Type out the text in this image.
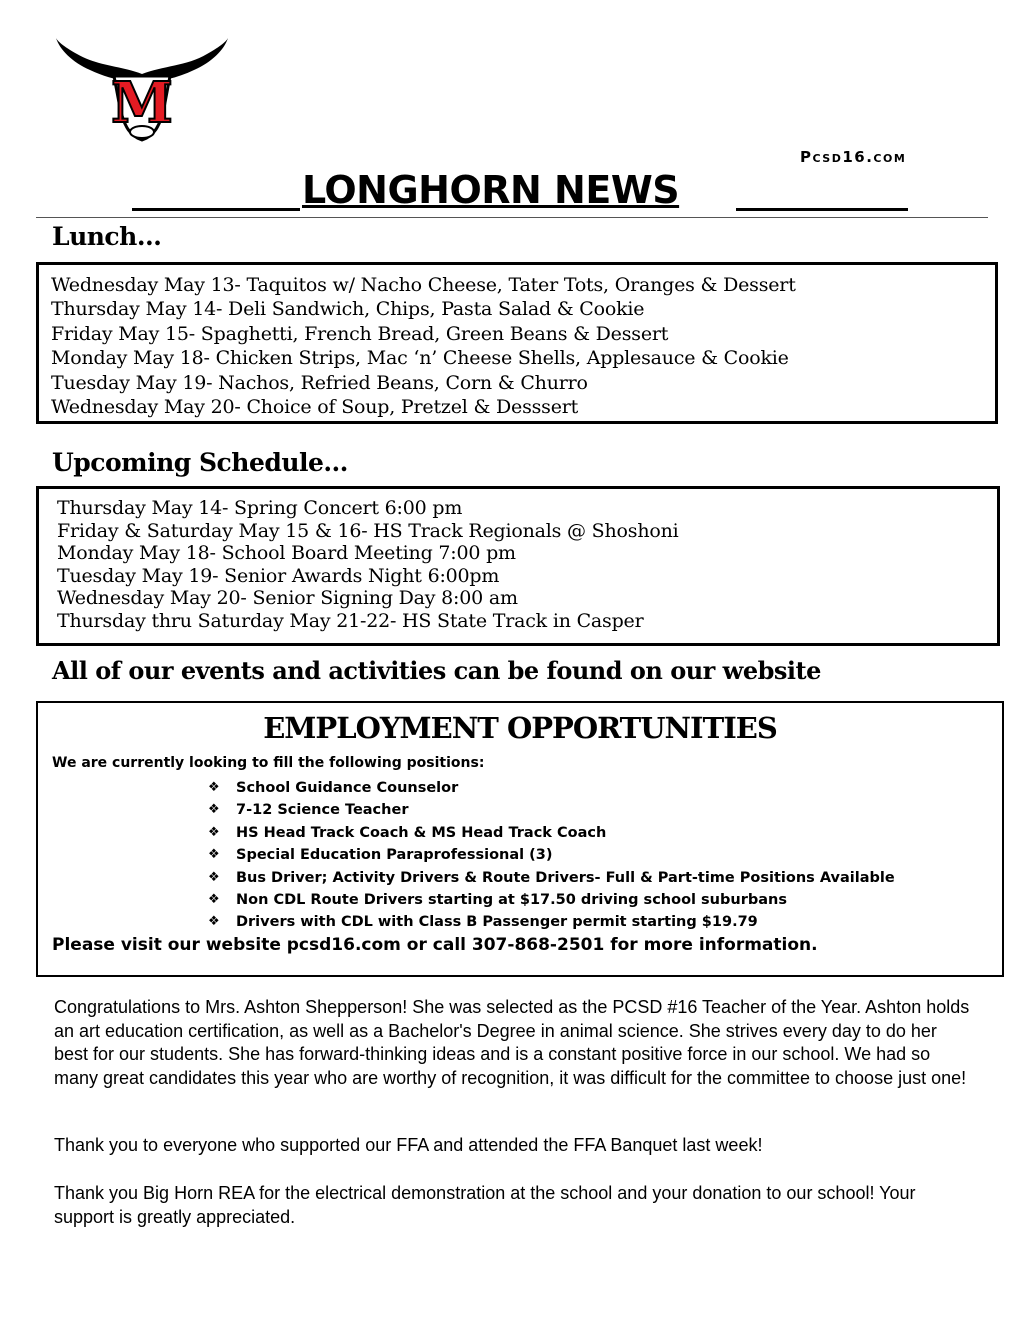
M
Pcsd16.com
LONGHORN NEWS
Lunch…
Wednesday May 13- Taquitos w/ Nacho Cheese, Tater Tots, Oranges & Dessert
Thursday May 14- Deli Sandwich, Chips, Pasta Salad & Cookie
Friday May 15- Spaghetti, French Bread, Green Beans & Dessert
Monday May 18- Chicken Strips, Mac ‘n’ Cheese Shells, Applesauce & Cookie
Tuesday May 19- Nachos, Refried Beans, Corn & Churro
Wednesday May 20- Choice of Soup, Pretzel & Desssert
Upcoming Schedule…
Thursday May 14- Spring Concert 6:00 pm
Friday & Saturday May 15 & 16- HS Track Regionals @ Shoshoni
Monday May 18- School Board Meeting 7:00 pm
Tuesday May 19- Senior Awards Night 6:00pm
Wednesday May 20- Senior Signing Day 8:00 am
Thursday thru Saturday May 21-22- HS State Track in Casper
All of our events and activities can be found on our website
EMPLOYMENT OPPORTUNITIES
We are currently looking to fill the following positions:
❖	School Guidance Counselor
❖	7-12 Science Teacher
❖	HS Head Track Coach & MS Head Track Coach
❖	Special Education Paraprofessional (3)
❖	Bus Driver; Activity Drivers & Route Drivers- Full & Part-time Positions Available
❖	Non CDL Route Drivers starting at $17.50 driving school suburbans
❖	Drivers with CDL with Class B Passenger permit starting $19.79
Please visit our website pcsd16.com or call 307-868-2501 for more information.
Congratulations to Mrs. Ashton Shepperson! She was selected as the PCSD #16 Teacher of the Year. Ashton holds an art education certification, as well as a Bachelor's Degree in animal science. She strives every day to do her best for our students. She has forward-thinking ideas and is a constant positive force in our school. We had so many great candidates this year who are worthy of recognition, it was difficult for the committee to choose just one!
Thank you to everyone who supported our FFA and attended the FFA Banquet last week!
Thank you Big Horn REA for the electrical demonstration at the school and your donation to our school! Your support is greatly appreciated.
